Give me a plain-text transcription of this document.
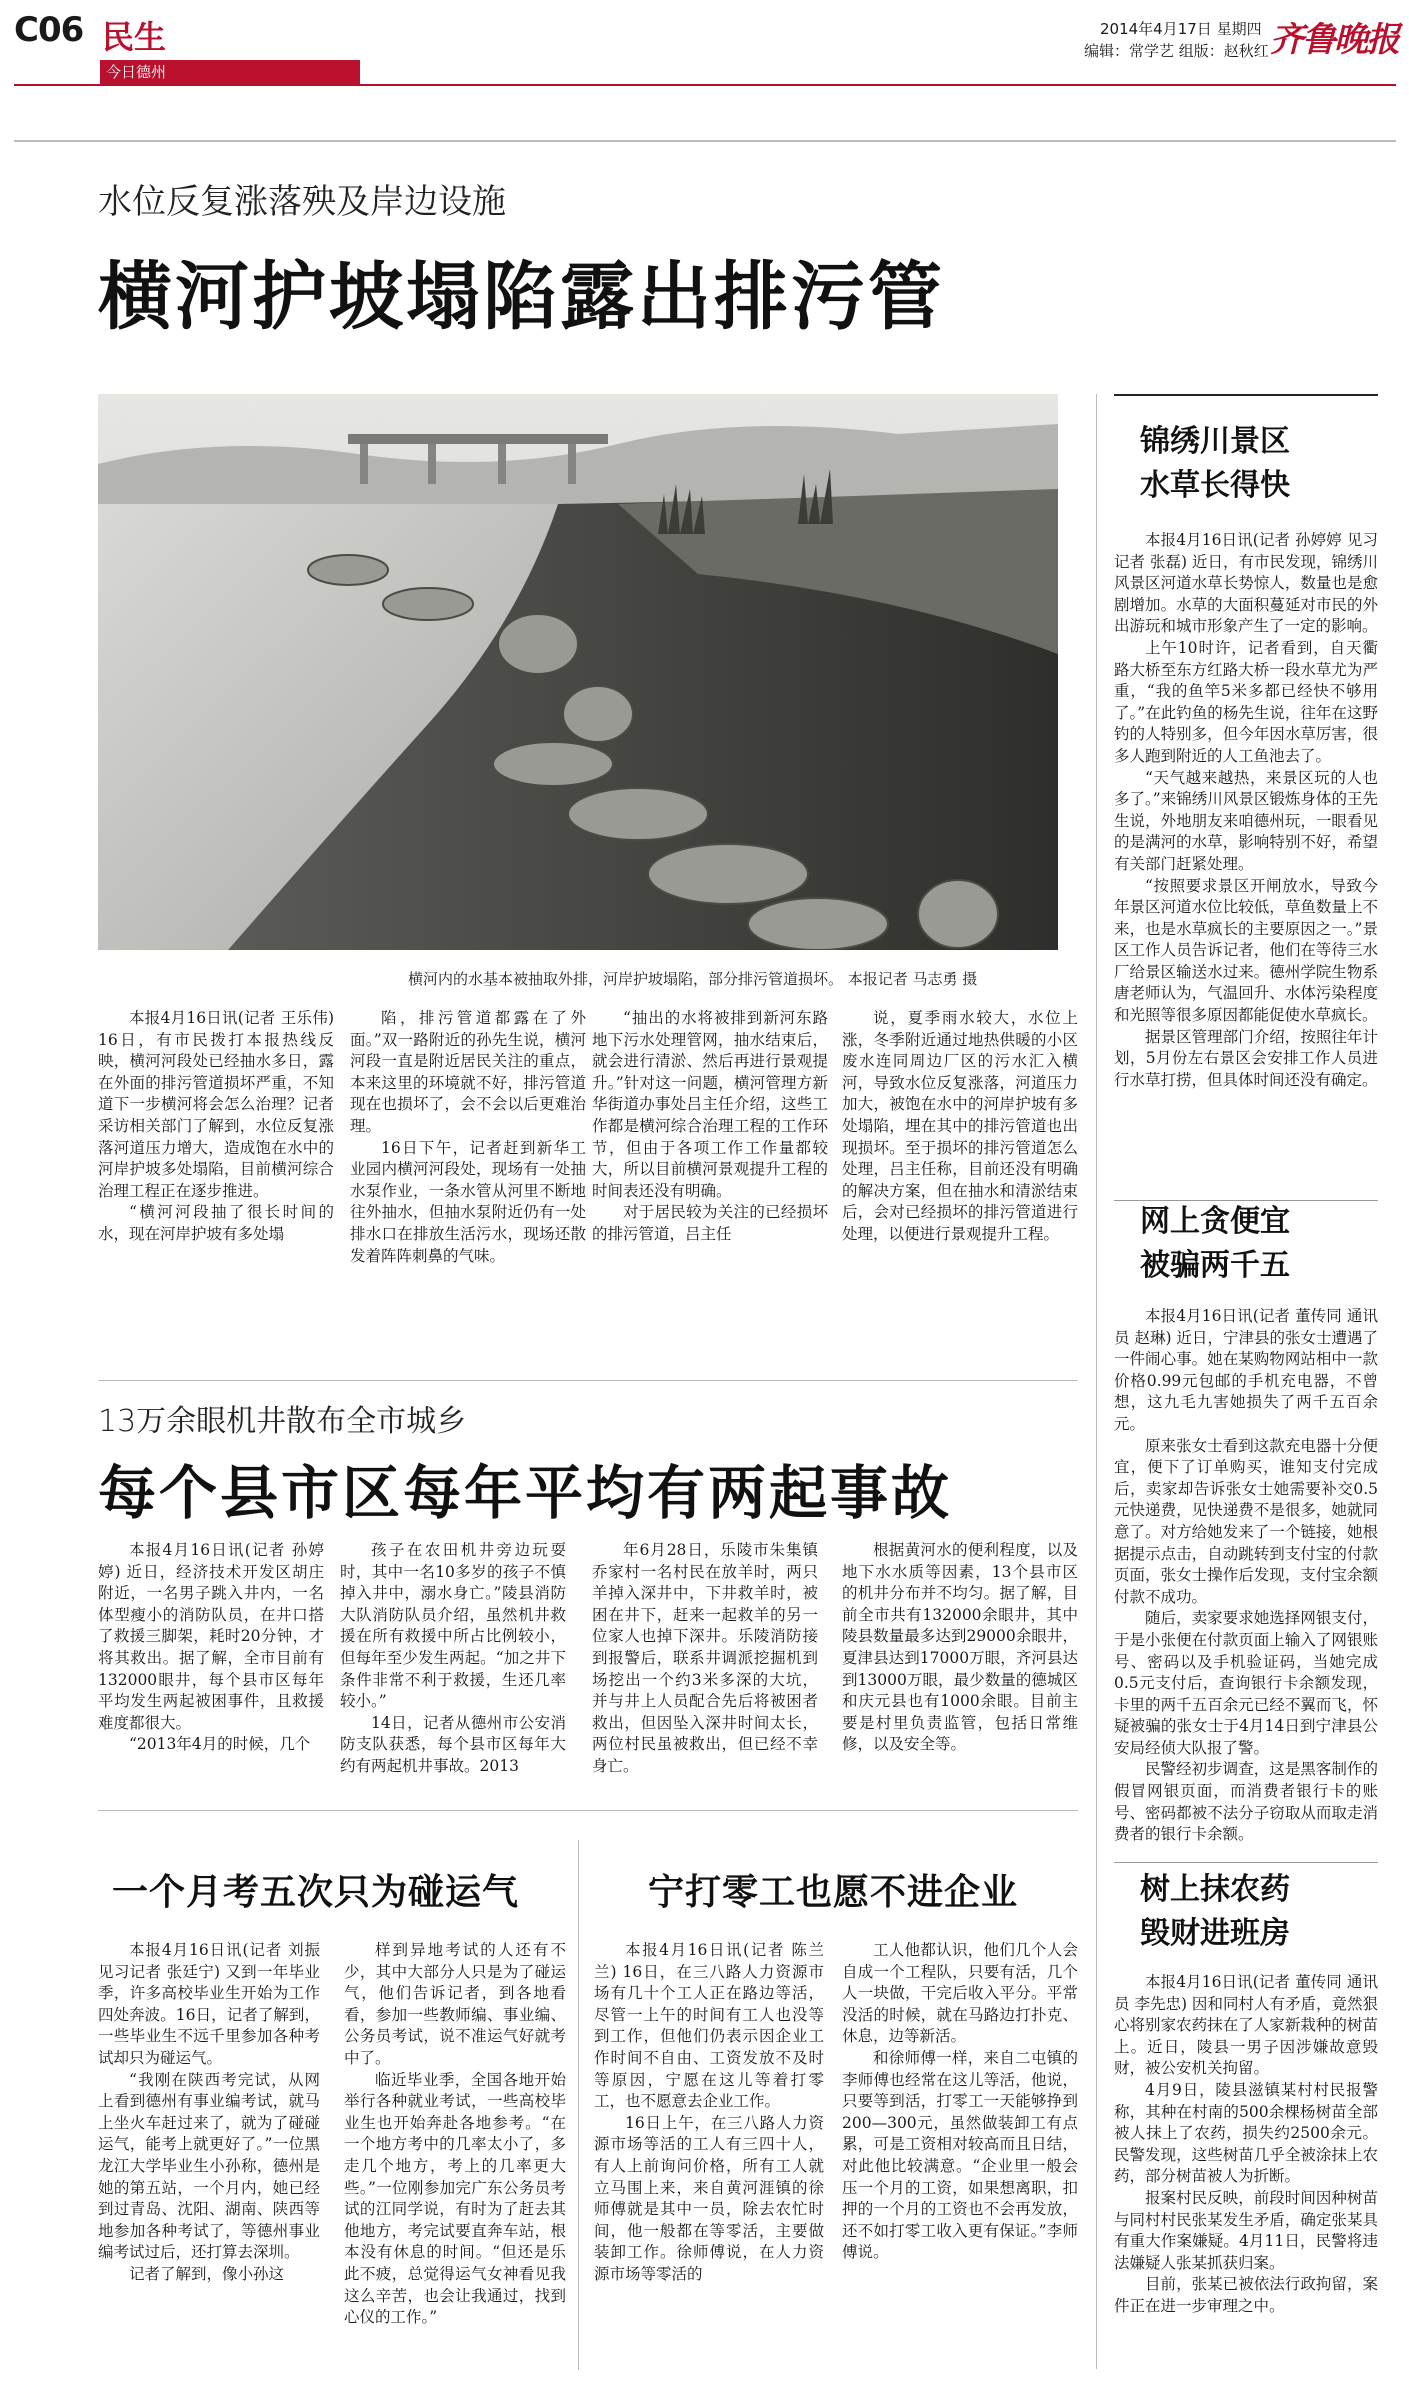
C06 民生
今日德州
2014年4月17日 星期四
编辑：常学艺 组版：赵秋红 齐鲁晚报
水位反复涨落殃及岸边设施
横河护坡塌陷露出排污管
横河内的水基本被抽取外排，河岸护坡塌陷，部分排污管道损坏。 本报记者 马志勇 摄

本报4月16日讯(记者 王乐伟) 16日，有市民拨打本报热线反映，横河河段处已经抽水多日，露在外面的排污管道损坏严重，不知道下一步横河将会怎么治理？记者采访相关部门了解到，水位反复涨落河道压力增大，造成饱在水中的河岸护坡多处塌陷，目前横河综合治理工程正在逐步推进。

“横河河段抽了很长时间的水，现在河岸护坡有多处塌

陷，排污管道都露在了外面。”双一路附近的孙先生说，横河河段一直是附近居民关注的重点，本来这里的环境就不好，排污管道现在也损坏了，会不会以后更难治理。

16日下午，记者赶到新华工业园内横河河段处，现场有一处抽水泵作业，一条水管从河里不断地往外抽水，但抽水泵附近仍有一处排水口在排放生活污水，现场还散发着阵阵刺鼻的气味。

“抽出的水将被排到新河东路地下污水处理管网，抽水结束后，就会进行清淤、然后再进行景观提升。”针对这一问题，横河管理方新华街道办事处吕主任介绍，这些工作都是横河综合治理工程的工作环节，但由于各项工作工作量都较大，所以目前横河景观提升工程的时间表还没有明确。

对于居民较为关注的已经损坏的排污管道，吕主任

说，夏季雨水较大，水位上涨，冬季附近通过地热供暖的小区废水连同周边厂区的污水汇入横河，导致水位反复涨落，河道压力加大，被饱在水中的河岸护坡有多处塌陷，埋在其中的排污管道也出现损坏。至于损坏的排污管道怎么处理，吕主任称，目前还没有明确的解决方案，但在抽水和清淤结束后，会对已经损坏的排污管道进行处理，以便进行景观提升工程。

13万余眼机井散布全市城乡
每个县市区每年平均有两起事故

本报4月16日讯(记者 孙婷婷) 近日，经济技术开发区胡庄附近，一名男子跳入井内，一名体型瘦小的消防队员，在井口搭了救援三脚架，耗时20分钟，才将其救出。据了解，全市目前有132000眼井，每个县市区每年平均发生两起被困事件，且救援难度都很大。

“2013年4月的时候，几个

孩子在农田机井旁边玩耍时，其中一名10多岁的孩子不慎掉入井中，溺水身亡。”陵县消防大队消防队员介绍，虽然机井救援在所有救援中所占比例较小，但每年至少发生两起。“加之井下条件非常不利于救援，生还几率较小。”

14日，记者从德州市公安消防支队获悉，每个县市区每年大约有两起机井事故。2013

年6月28日，乐陵市朱集镇乔家村一名村民在放羊时，两只羊掉入深井中，下井救羊时，被困在井下，赶来一起救羊的另一位家人也掉下深井。乐陵消防接到报警后，联系井调派挖掘机到场挖出一个约3米多深的大坑，并与井上人员配合先后将被困者救出，但因坠入深井时间太长，两位村民虽被救出，但已经不幸身亡。

根据黄河水的便利程度，以及地下水水质等因素，13个县市区的机井分布并不均匀。据了解，目前全市共有132000余眼井，其中陵县数量最多达到29000余眼井，夏津县达到17000万眼，齐河县达到13000万眼，最少数量的德城区和庆元县也有1000余眼。目前主要是村里负责监管，包括日常维修，以及安全等。

一个月考五次只为碰运气

本报4月16日讯(记者 刘振 见习记者 张廷宁) 又到一年毕业季，许多高校毕业生开始为工作四处奔波。16日，记者了解到，一些毕业生不远千里参加各种考试却只为碰运气。

“我刚在陕西考完试，从网上看到德州有事业编考试，就马上坐火车赶过来了，就为了碰碰运气，能考上就更好了。”一位黑龙江大学毕业生小孙称，德州是她的第五站，一个月内，她已经到过青岛、沈阳、湖南、陕西等地参加各种考试了，等德州事业编考试过后，还打算去深圳。

记者了解到，像小孙这

样到异地考试的人还有不少，其中大部分人只是为了碰运气，他们告诉记者，到各地看看，参加一些教师编、事业编、公务员考试，说不准运气好就考中了。

临近毕业季，全国各地开始举行各种就业考试，一些高校毕业生也开始奔赴各地参考。“在一个地方考中的几率太小了，多走几个地方，考上的几率更大些。”一位刚参加完广东公务员考试的江同学说，有时为了赶去其他地方，考完试要直奔车站，根本没有休息的时间。“但还是乐此不疲，总觉得运气女神看见我这么辛苦，也会让我通过，找到心仪的工作。”

宁打零工也愿不进企业

本报4月16日讯(记者 陈兰兰) 16日，在三八路人力资源市场有几十个工人正在路边等活，尽管一上午的时间有工人也没等到工作，但他们仍表示因企业工作时间不自由、工资发放不及时等原因，宁愿在这儿等着打零工，也不愿意去企业工作。

16日上午，在三八路人力资源市场等活的工人有三四十人，有人上前询问价格，所有工人就立马围上来，来自黄河涯镇的徐师傅就是其中一员，除去农忙时间，他一般都在等零活，主要做装卸工作。徐师傅说，在人力资源市场等零活的

工人他都认识，他们几个人会自成一个工程队，只要有活，几个人一块做，干完后收入平分。平常没活的时候，就在马路边打扑克、休息，边等新活。

和徐师傅一样，来自二屯镇的李师傅也经常在这儿等活，他说，只要等到活，打零工一天能够挣到200—300元，虽然做装卸工有点累，可是工资相对较高而且日结，对此他比较满意。“企业里一般会压一个月的工资，如果想离职，扣押的一个月的工资也不会再发放，还不如打零工收入更有保证。”李师傅说。

锦绣川景区水草长得快

本报4月16日讯(记者 孙婷婷 见习记者 张磊) 近日，有市民发现，锦绣川风景区河道水草长势惊人，数量也是愈剧增加。水草的大面积蔓延对市民的外出游玩和城市形象产生了一定的影响。

上午10时许，记者看到，自天衢路大桥至东方红路大桥一段水草尤为严重，“我的鱼竿5米多都已经快不够用了。”在此钓鱼的杨先生说，往年在这野钓的人特别多，但今年因水草厉害，很多人跑到附近的人工鱼池去了。

“天气越来越热，来景区玩的人也多了。”来锦绣川风景区锻炼身体的王先生说，外地朋友来咱德州玩，一眼看见的是满河的水草，影响特别不好，希望有关部门赶紧处理。

“按照要求景区开闸放水，导致今年景区河道水位比较低，草鱼数量上不来，也是水草疯长的主要原因之一。”景区工作人员告诉记者，他们在等待三水厂给景区输送水过来。德州学院生物系唐老师认为，气温回升、水体污染程度和光照等很多原因都能促使水草疯长。

据景区管理部门介绍，按照往年计划，5月份左右景区会安排工作人员进行水草打捞，但具体时间还没有确定。

网上贪便宜被骗两千五

本报4月16日讯(记者 董传同 通讯员 赵琳) 近日，宁津县的张女士遭遇了一件闹心事。她在某购物网站相中一款价格0.99元包邮的手机充电器，不曾想，这九毛九害她损失了两千五百余元。

原来张女士看到这款充电器十分便宜，便下了订单购买，谁知支付完成后，卖家却告诉张女士她需要补交0.5元快递费，见快递费不是很多，她就同意了。对方给她发来了一个链接，她根据提示点击，自动跳转到支付宝的付款页面，张女士操作后发现，支付宝余额付款不成功。

随后，卖家要求她选择网银支付，于是小张便在付款页面上输入了网银账号、密码以及手机验证码，当她完成0.5元支付后，查询银行卡余额发现，卡里的两千五百余元已经不翼而飞，怀疑被骗的张女士于4月14日到宁津县公安局经侦大队报了警。

民警经初步调查，这是黑客制作的假冒网银页面，而消费者银行卡的账号、密码都被不法分子窃取从而取走消费者的银行卡余额。

树上抹农药毁财进班房

本报4月16日讯(记者 董传同 通讯员 李先忠) 因和同村人有矛盾，竟然狠心将别家农药抹在了人家新栽种的树苗上。近日，陵县一男子因涉嫌故意毁财，被公安机关拘留。

4月9日，陵县滋镇某村村民报警称，其种在村南的500余棵杨树苗全部被人抹上了农药，损失约2500余元。民警发现，这些树苗几乎全被涂抹上农药，部分树苗被人为折断。

报案村民反映，前段时间因种树苗与同村村民张某发生矛盾，确定张某具有重大作案嫌疑。4月11日，民警将违法嫌疑人张某抓获归案。

目前，张某已被依法行政拘留，案件正在进一步审理之中。
